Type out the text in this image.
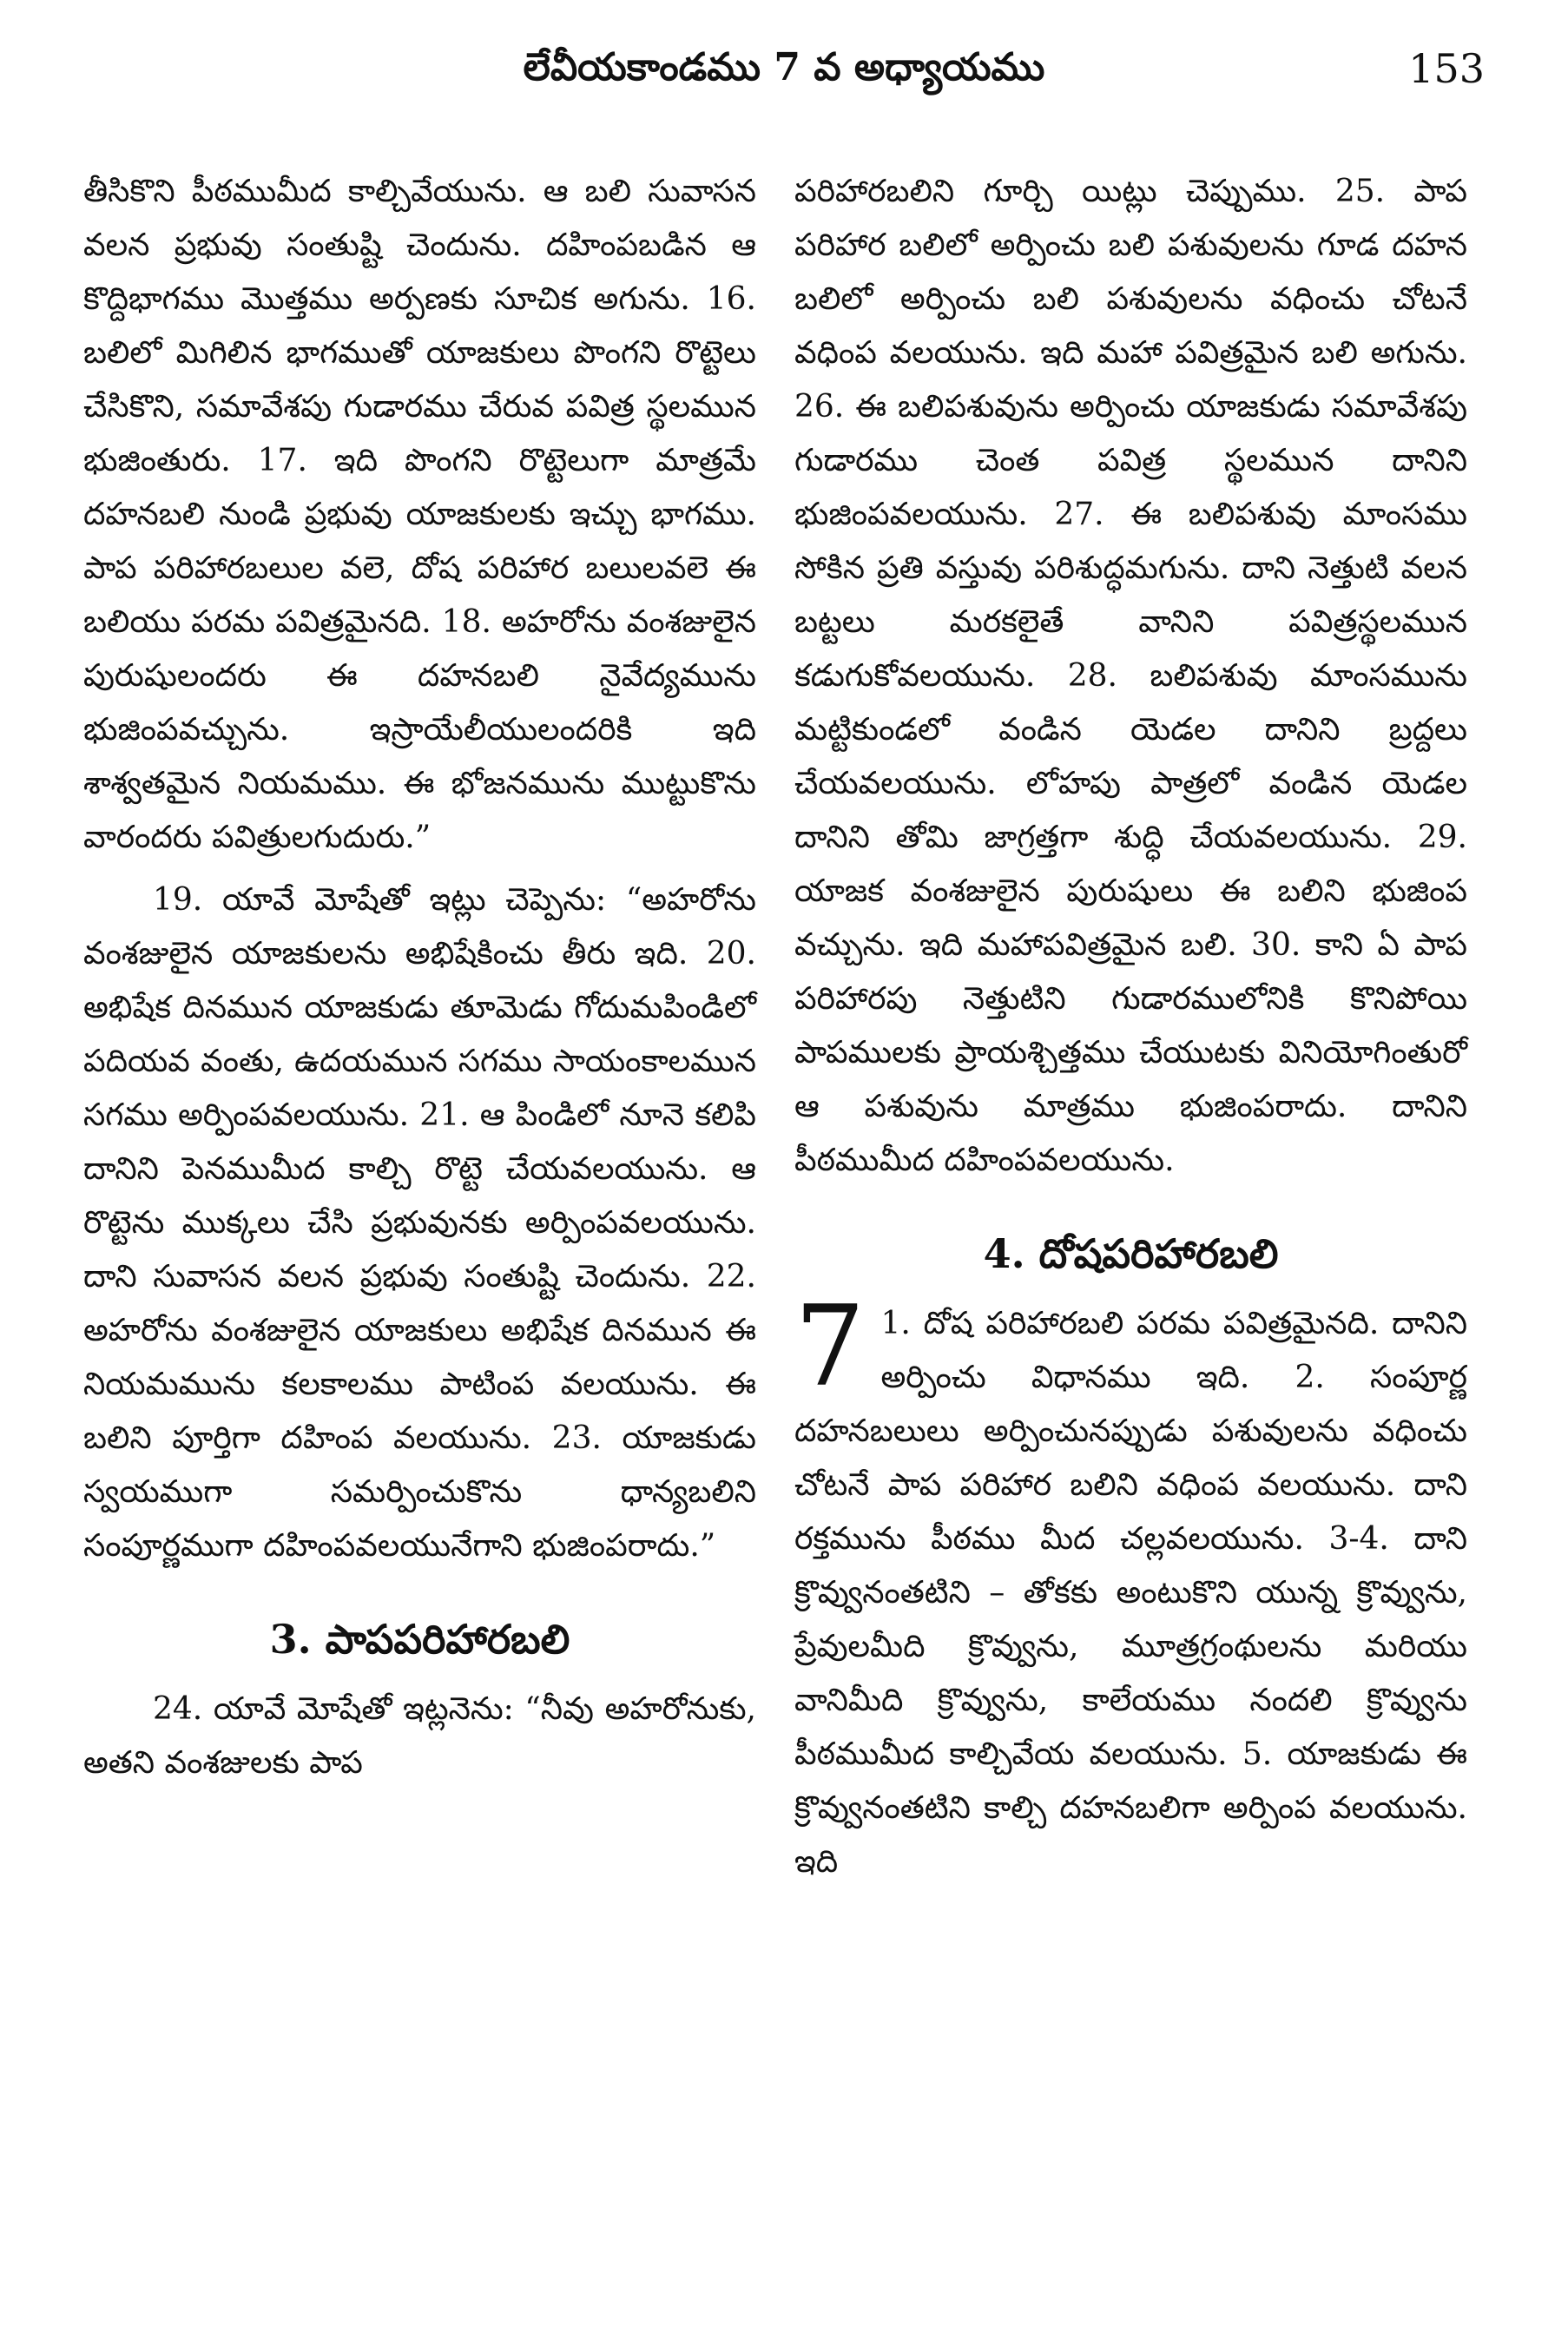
లేవీయకాండము 7 వ అధ్యాయము	153

తీసికొని పీఠముమీద కాల్చివేయును. ఆ బలి సువాసన వలన ప్రభువు సంతుష్టి చెందును. దహింపబడిన ఆ కొద్దిభాగము మొత్తము అర్పణకు సూచిక అగును. 16. బలిలో మిగిలిన భాగముతో యాజకులు పొంగని రొట్టెలు చేసికొని, సమావేశపు గుడారము చేరువ పవిత్ర స్థలమున భుజింతురు. 17. ఇది పొంగని రొట్టెలుగా మాత్రమే దహనబలి నుండి ప్రభువు యాజకులకు ఇచ్చు భాగము. పాప పరిహారబలుల వలె, దోష పరిహార బలులవలె ఈ బలియు పరమ పవిత్రమైనది. 18. అహరోను వంశజులైన పురుషులందరు ఈ దహనబలి నైవేద్యమును భుజింపవచ్చును. ఇస్రాయేలీయులందరికి ఇది శాశ్వతమైన నియమము. ఈ భోజనమును ముట్టుకొను వారందరు పవిత్రులగుదురు.”

19. యావే మోషేతో ఇట్లు చెప్పెను: “అహరోను వంశజులైన యాజకులను అభిషేకించు తీరు ఇది. 20. అభిషేక దినమున యాజకుడు తూమెడు గోదుమపిండిలో పదియవ వంతు, ఉదయమున సగము సాయంకాలమున సగము అర్పింపవలయును. 21. ఆ పిండిలో నూనె కలిపి దానిని పెనముమీద కాల్చి రొట్టె చేయవలయును. ఆ రొట్టెను ముక్కలు చేసి ప్రభువునకు అర్పింపవలయును. దాని సువాసన వలన ప్రభువు సంతుష్టి చెందును. 22. అహరోను వంశజులైన యాజకులు అభిషేక దినమున ఈ నియమమును కలకాలము పాటింప వలయును. ఈ బలిని పూర్తిగా దహింప వలయును. 23. యాజకుడు స్వయముగా సమర్పించుకొను ధాన్యబలిని సంపూర్ణముగా దహింపవలయునేగాని భుజింపరాదు.”

3. పాపపరిహారబలి

24. యావే మోషేతో ఇట్లనెను: “నీవు అహరోనుకు, అతని వంశజులకు పాప

పరిహారబలిని గూర్చి యిట్లు చెప్పుము. 25. పాప పరిహార బలిలో అర్పించు బలి పశువులను గూడ దహన బలిలో అర్పించు బలి పశువులను వధించు చోటనే వధింప వలయును. ఇది మహా పవిత్రమైన బలి అగును. 26. ఈ బలిపశువును అర్పించు యాజకుడు సమావేశపు గుడారము చెంత పవిత్ర స్థలమున దానిని భుజింపవలయును. 27. ఈ బలిపశువు మాంసము సోకిన ప్రతి వస్తువు పరిశుద్ధమగును. దాని నెత్తుటి వలన బట్టలు మరకలైతే వానిని పవిత్రస్థలమున కడుగుకోవలయును. 28. బలిపశువు మాంసమును మట్టికుండలో వండిన యెడల దానిని బ్రద్దలు చేయవలయును. లోహపు పాత్రలో వండిన యెడల దానిని తోమి జాగ్రత్తగా శుద్ధి చేయవలయును. 29. యాజక వంశజులైన పురుషులు ఈ బలిని భుజింప వచ్చును. ఇది మహాపవిత్రమైన బలి. 30. కాని ఏ పాప పరిహారపు నెత్తుటిని గుడారములోనికి కొనిపోయి పాపములకు ప్రాయశ్చిత్తము చేయుటకు వినియోగింతురో ఆ పశువును మాత్రము భుజింపరాదు. దానిని పీఠముమీద దహింపవలయును.

4. దోషపరిహారబలి

7 1. దోష పరిహారబలి పరమ పవిత్రమైనది. దానిని అర్పించు విధానము ఇది. 2. సంపూర్ణ దహనబలులు అర్పించునప్పుడు పశువులను వధించు చోటనే పాప పరిహార బలిని వధింప వలయును. దాని రక్తమును పీఠము మీద చల్లవలయును. 3-4. దాని క్రొవ్వునంతటిని – తోకకు అంటుకొని యున్న క్రొవ్వును, ప్రేవులమీది క్రొవ్వును, మూత్రగ్రంథులను మరియు వానిమీది క్రొవ్వును, కాలేయము నందలి క్రొవ్వును పీఠముమీద కాల్చివేయ వలయును. 5. యాజకుడు ఈ క్రొవ్వునంతటిని కాల్చి దహనబలిగా అర్పింప వలయును. ఇది
